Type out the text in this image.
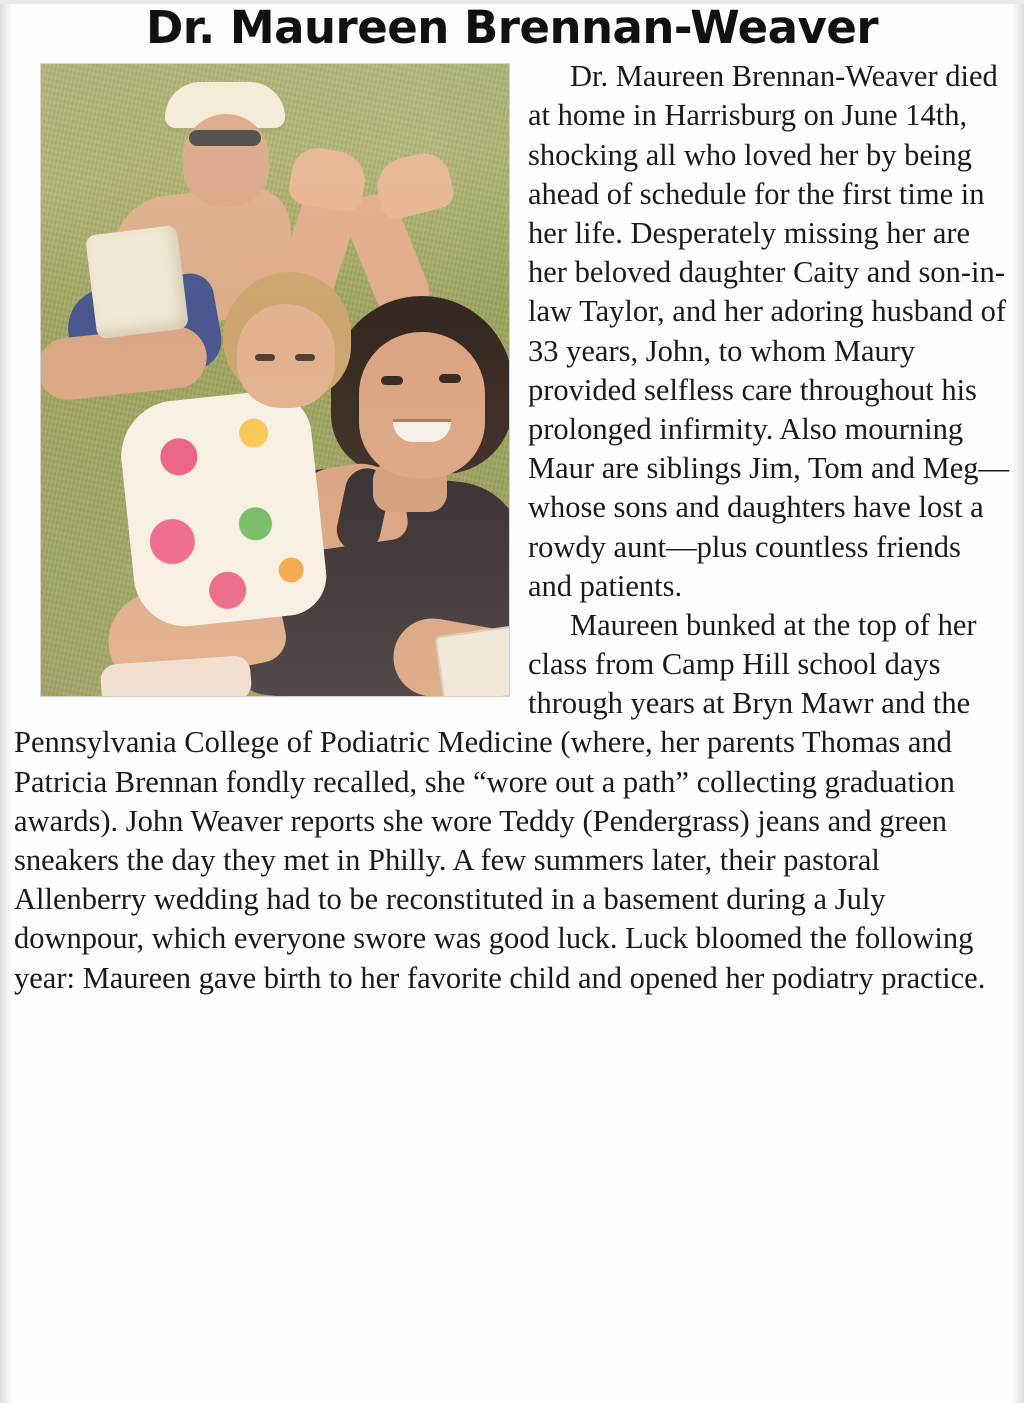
Dr. Maureen Brennan-Weaver

Dr. Maureen Brennan-Weaver died at home in Harrisburg on June 14th, shocking all who loved her by being ahead of schedule for the first time in her life. Desperately missing her are her beloved daughter Caity and son-in-law Taylor, and her adoring husband of 33 years, John, to whom Maury provided selfless care throughout his prolonged infirmity. Also mourning Maur are siblings Jim, Tom and Meg—whose sons and daughters have lost a rowdy aunt—plus countless friends and patients.

Maureen bunked at the top of her class from Camp Hill school days through years at Bryn Mawr and the Pennsylvania College of Podiatric Medicine (where, her parents Thomas and Patricia Brennan fondly recalled, she “wore out a path” collecting graduation awards). John Weaver reports she wore Teddy (Pendergrass) jeans and green sneakers the day they met in Philly. A few summers later, their pastoral Allenberry wedding had to be reconstituted in a basement during a July downpour, which everyone swore was good luck. Luck bloomed the following year: Maureen gave birth to her favorite child and opened her podiatry practice.
